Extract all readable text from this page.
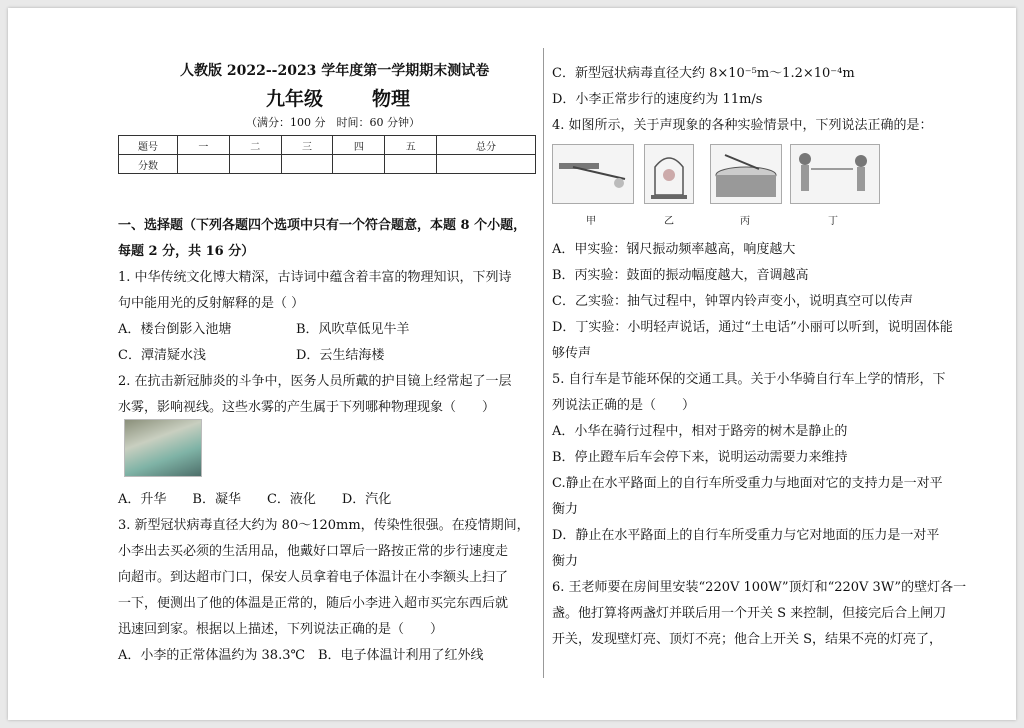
人教版 2022--2023 学年度第一学期期末测试卷
九年级	物理
（满分：100 分　时间：60 分钟）
题号	一	二	三	四	五	总分
分数						
一、选择题（下列各题四个选项中只有一个符合题意，本题 8 个小题，
每题 2 分，共 16 分）
1. 中华传统文化博大精深，古诗词中蕴含着丰富的物理知识，下列诗
句中能用光的反射解释的是（ ）
A．楼台倒影入池塘	B．风吹草低见牛羊
C．潭清疑水浅	D．云生结海楼
2. 在抗击新冠肺炎的斗争中，医务人员所戴的护目镜上经常起了一层
水雾，影响视线。这些水雾的产生属于下列哪种物理现象（　　）
A．升华　　B．凝华　　C．液化　　D．汽化
3. 新型冠状病毒直径大约为 80～120mm，传染性很强。在疫情期间，
小李出去买必须的生活用品，他戴好口罩后一路按正常的步行速度走
向超市。到达超市门口，保安人员拿着电子体温计在小李额头上扫了
一下，便测出了他的体温是正常的，随后小李进入超市买完东西后就
迅速回到家。根据以上描述，下列说法正确的是（　　）
A．小李的正常体温约为 38.3℃　B．电子体温计利用了红外线
C．新型冠状病毒直径大约 8×10⁻⁵m～1.2×10⁻⁴m
D．小李正常步行的速度约为 11m/s
4. 如图所示，关于声现象的各种实验情景中，下列说法正确的是：
甲	乙	丙	丁
A．甲实验：钢尺振动频率越高，响度越大
B．丙实验：鼓面的振动幅度越大，音调越高
C．乙实验：抽气过程中，钟罩内铃声变小，说明真空可以传声
D．丁实验：小明轻声说话，通过“土电话”小丽可以听到，说明固体能
够传声
5. 自行车是节能环保的交通工具。关于小华骑自行车上学的情形，下
列说法正确的是（　　）
A．小华在骑行过程中，相对于路旁的树木是静止的
B．停止蹬车后车会停下来，说明运动需要力来维持
C.静止在水平路面上的自行车所受重力与地面对它的支持力是一对平
衡力
D．静止在水平路面上的自行车所受重力与它对地面的压力是一对平
衡力
6. 王老师要在房间里安装“220V 100W”顶灯和“220V 3W”的壁灯各一
盏。他打算将两盏灯并联后用一个开关 S 来控制，但接完后合上闸刀
开关，发现壁灯亮、顶灯不亮；他合上开关 S，结果不亮的灯亮了，
